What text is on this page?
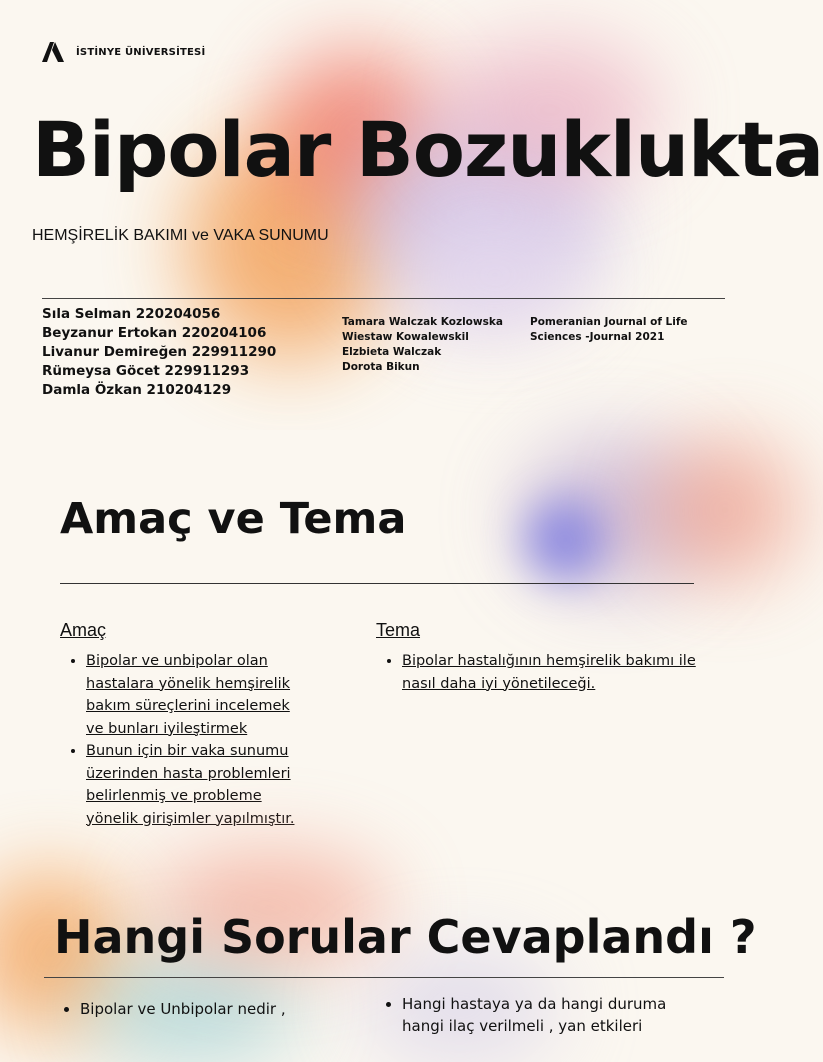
İSTİNYE ÜNİVERSİTESİ
Bipolar Bozuklukta
HEMŞİRELİK BAKIMI ve VAKA SUNUMU
Sıla Selman 220204056
Beyzanur Ertokan 220204106
Livanur Demireğen 229911290
Rümeysa Göcet 229911293
Damla Özkan 210204129
Tamara Walczak Kozlowska
Wiestaw Kowalewskil
Elzbieta Walczak
Dorota Bikun
Pomeranian Journal of Life Sciences -Journal 2021
Amaç ve Tema
Amaç
• Bipolar ve unbipolar olan hastalara yönelik hemşirelik bakım süreçlerini incelemek ve bunları iyileştirmek
• Bunun için bir vaka sunumu üzerinden hasta problemleri belirlenmiş ve probleme yönelik girişimler yapılmıştır.
Tema
• Bipolar hastalığının hemşirelik bakımı ile nasıl daha iyi yönetileceği.
Hangi Sorular Cevaplandı ?
• Bipolar ve Unbipolar nedir ,
•	Hangi hastaya ya da hangi duruma hangi ilaç verilmeli , yan etkileri
